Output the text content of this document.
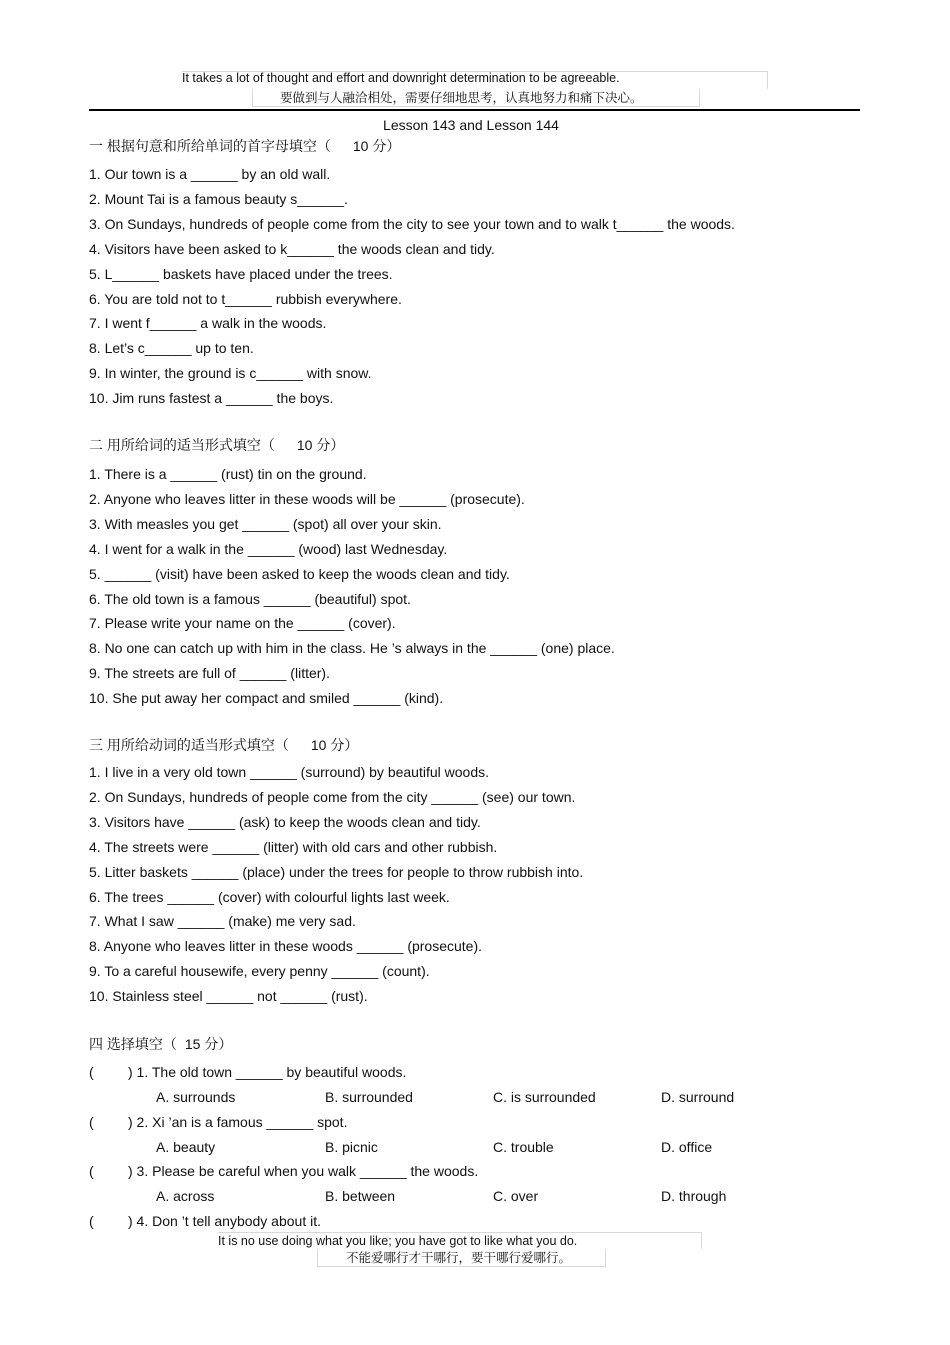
It takes a lot of thought and effort and downright determination to be agreeable.
要做到与人融洽相处，需要仔细地思考，认真地努力和痛下决心。
Lesson 143 and Lesson 144
一 根据句意和所给单词的首字母填空（ 10 分）
1. Our town is a ______ by an old wall.
2. Mount Tai is a famous beauty s______.
3. On Sundays, hundreds of people come from the city to see your town and to walk t______ the woods.
4. Visitors have been asked to k______ the woods clean and tidy.
5. L______ baskets have placed under the trees.
6. You are told not to t______ rubbish everywhere.
7. I went f______ a walk in the woods.
8. Let’s c______ up to ten.
9. In winter, the ground is c______ with snow.
10. Jim runs fastest a ______ the boys.
二 用所给词的适当形式填空（ 10 分）
1. There is a ______ (rust) tin on the ground.
2. Anyone who leaves litter in these woods will be ______ (prosecute).
3. With measles you get ______ (spot) all over your skin.
4. I went for a walk in the ______ (wood) last Wednesday.
5. ______ (visit) have been asked to keep the woods clean and tidy.
6. The old town is a famous ______ (beautiful) spot.
7. Please write your name on the ______ (cover).
8. No one can catch up with him in the class. He ’s always in the ______ (one) place.
9. The streets are full of ______ (litter).
10. She put away her compact and smiled ______ (kind).
三 用所给动词的适当形式填空（ 10 分）
1. I live in a very old town ______ (surround) by beautiful woods.
2. On Sundays, hundreds of people come from the city ______ (see) our town.
3. Visitors have ______ (ask) to keep the woods clean and tidy.
4. The streets were ______ (litter) with old cars and other rubbish.
5. Litter baskets ______ (place) under the trees for people to throw rubbish into.
6. The trees ______ (cover) with colourful lights last week.
7. What I saw ______ (make) me very sad.
8. Anyone who leaves litter in these woods ______ (prosecute).
9. To a careful housewife, every penny ______ (count).
10. Stainless steel ______ not ______ (rust).
四 选择填空（ 15 分）
( ) 1. The old town ______ by beautiful woods.
A. surrounds	B. surrounded	C. is surrounded	D. surround
( ) 2. Xi ’an is a famous ______ spot.
A. beauty	B. picnic	C. trouble	D. office
( ) 3. Please be careful when you walk ______ the woods.
A. across	B. between	C. over	D. through
( ) 4. Don ’t tell anybody about it.
It is no use doing what you like; you have got to like what you do.
不能爱哪行才干哪行，要干哪行爱哪行。
